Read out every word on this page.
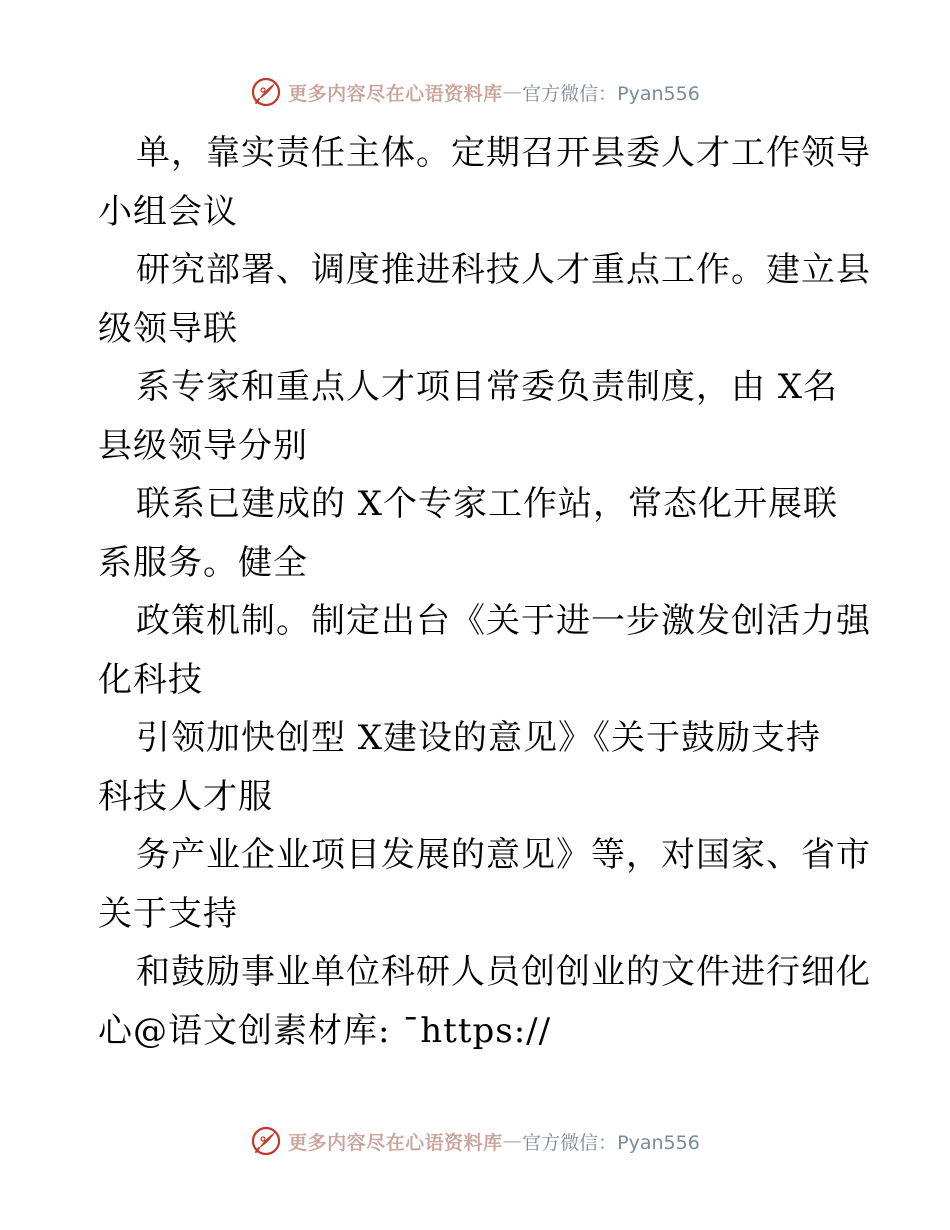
更多内容尽在心语资料库 — 官方微信：Pyan556
单，靠实责任主体。定期召开县委人才工作领导
小组会议
研究部署、调度推进科技人才重点工作。建立县
级领导联
系专家和重点人才项目常委负责制度，由 X名
县级领导分别
联系已建成的 X个专家工作站，常态化开展联
系服务。健全
政策机制。制定出台《关于进一步激发创活力强
化科技
引领加快创型 X建设的意见》《关于鼓励支持
科技人才服
务产业企业项目发展的意见》等，对国家、省市
关于支持
和鼓励事业单位科研人员创创业的文件进行细化
心@语文创素材库: ¯https://
更多内容尽在心语资料库 — 官方微信：Pyan556
